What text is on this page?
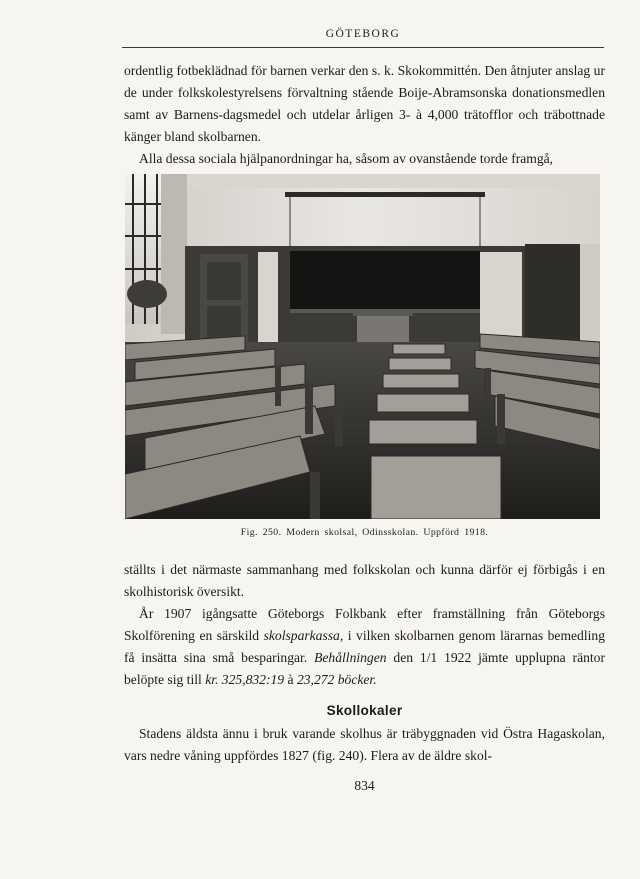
GÖTEBORG

ordentlig fotbeklädnad för barnen verkar den s. k. Skokommittén. Den åtnjuter anslag ur de under folkskolestyrelsens förvaltning stående Boije-Abramsonska donationsmedlen samt av Barnens-dagsmedel och utdelar årligen 3- à 4,000 trätofflor och träbottnade känger bland skolbarnen.

Alla dessa sociala hjälpanordningar ha, såsom av ovanstående torde framgå,

Fig. 250. Modern skolsal, Odinsskolan. Uppförd 1918.

ställts i det närmaste sammanhang med folkskolan och kunna därför ej förbigås i en skolhistorisk översikt.

År 1907 igångsatte Göteborgs Folkbank efter framställning från Göteborgs Skolförening en särskild skolsparkassa, i vilken skolbarnen genom lärarnas bemedling få insätta sina små besparingar. Behållningen den 1/1 1922 jämte upplupna räntor belöpte sig till kr. 325,832:19 à 23,272 böcker.

Skollokaler

Stadens äldsta ännu i bruk varande skolhus är träbyggnaden vid Östra Hagaskolan, vars nedre våning uppfördes 1827 (fig. 240). Flera av de äldre skol-

834
